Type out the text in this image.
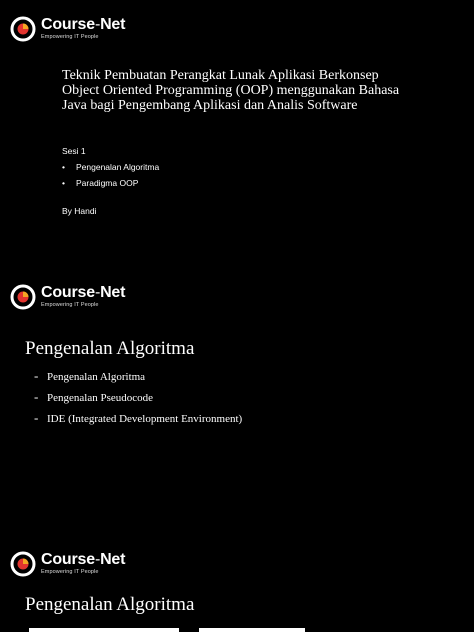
Course-Net
Empowering IT People
Teknik Pembuatan Perangkat Lunak Aplikasi Berkonsep Object Oriented Programming (OOP) menggunakan Bahasa Java bagi Pengembang Aplikasi dan Analis Software
Sesi 1
•	Pengenalan Algoritma
•	Paradigma OOP
By Handi
Course-Net
Empowering IT People
Pengenalan Algoritma
- Pengenalan Algoritma
- Pengenalan Pseudocode
- IDE (Integrated Development Environment)
Course-Net
Empowering IT People
Pengenalan Algoritma
